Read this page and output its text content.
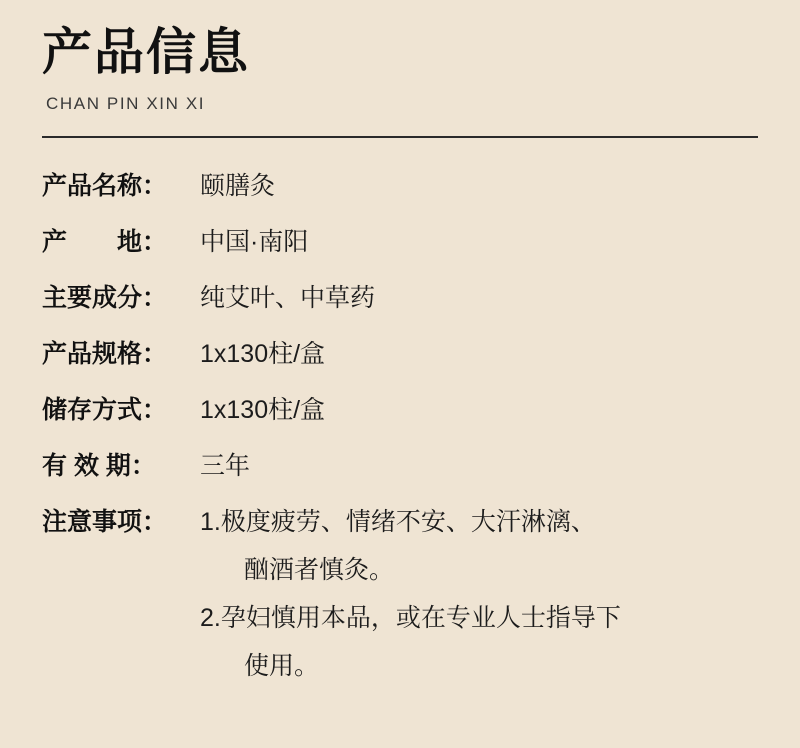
产品信息
CHAN PIN XIN XI
产品名称：	颐膳灸
产　　地：	中国·南阳
主要成分：	纯艾叶、中草药
产品规格：	1x130柱/盒
储存方式：	1x130柱/盒
有 效 期：	三年
注意事项：	1.极度疲劳、情绪不安、大汗淋漓、
酗酒者慎灸。
2.孕妇慎用本品，或在专业人士指导下
使用。
